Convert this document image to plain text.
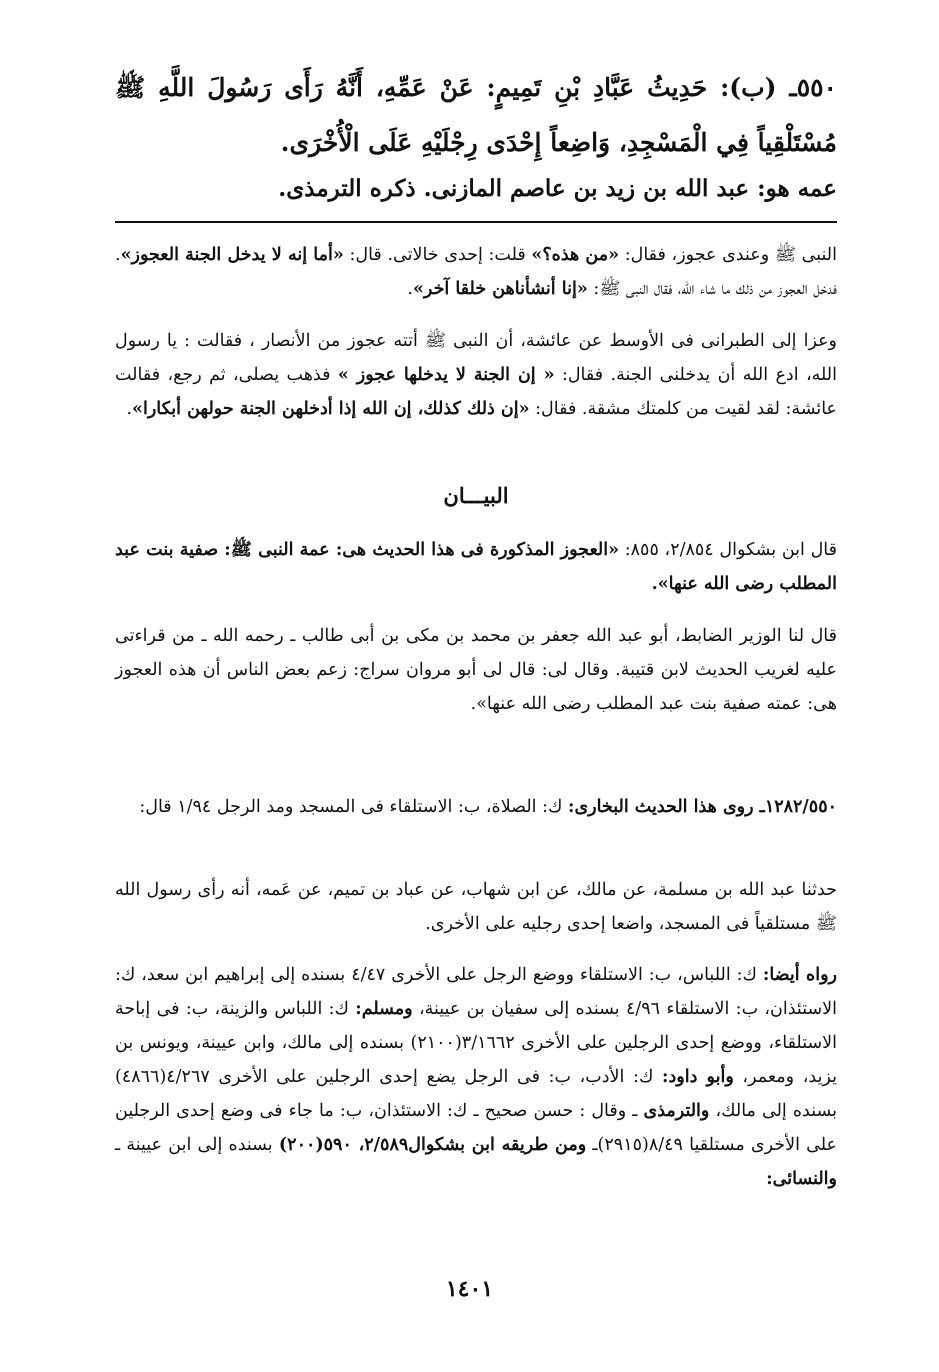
٥٥٠ـ (ب): حَدِيثُ عَبَّادِ بْنِ تَمِيمٍ: عَنْ عَمِّهِ، أَنَّهُ رَأَى رَسُولَ اللَّهِ ﷺ مُسْتَلْقِياً فِي الْمَسْجِدِ، وَاضِعاً إِحْدَى رِجْلَيْهِ عَلَى الْأُخْرَى.
عمه هو: عبد الله بن زيد بن عاصم المازنى. ذكره الترمذى.
النبى ﷺ وعندى عجوز، فقال: «من هذه؟» قلت: إحدى خالاتى. قال: «أما إنه لا يدخل الجنة العجوز». فدخل العجوز من ذلك ما شاء الله، فقال النبى ﷺ: «إنا أنشأناهن خلقا آخر».
وعزا إلى الطبرانى فى الأوسط عن عائشة، أن النبى ﷺ أتته عجوز من الأنصار ، فقالت : يا رسول الله، ادع الله أن يدخلنى الجنة. فقال: « إن الجنة لا يدخلها عجوز » فذهب يصلى، ثم رجع، فقالت عائشة: لقد لقيت من كلمتك مشقة. فقال: «إن ذلك كذلك، إن الله إذا أدخلهن الجنة حولهن أبكارا».
البيـــان
قال ابن بشكوال ٢/٨٥٤، ٨٥٥: «العجوز المذكورة فى هذا الحديث هى: عمة النبى ﷺ: صفية بنت عبد المطلب رضى الله عنها».
قال لنا الوزير الضابط، أبو عبد الله جعفر بن محمد بن مكى بن أبى طالب ـ رحمه الله ـ من قراءتى عليه لغريب الحديث لابن قتيبة. وقال لى: قال لى أبو مروان سراج: زعم بعض الناس أن هذه العجوز هى: عمته صفية بنت عبد المطلب رضى الله عنها».
١٢٨٢/٥٥٠ـ روى هذا الحديث البخارى: ك: الصلاة، ب: الاستلقاء فى المسجد ومد الرجل ١/٩٤ قال:
حدثنا عبد الله بن مسلمة، عن مالك، عن ابن شهاب، عن عباد بن تميم، عن عَمه، أنه رأى رسول الله ﷺ مستلقياً فى المسجد، واضعا إحدى رجليه على الأخرى.
رواه أيضا: ك: اللباس، ب: الاستلقاء ووضع الرجل على الأخرى ٤/٤٧ بسنده إلى إبراهيم ابن سعد، ك: الاستئذان، ب: الاستلقاء ٤/٩٦ بسنده إلى سفيان بن عيينة، ومسلم: ك: اللباس والزينة، ب: فى إباحة الاستلقاء، ووضع إحدى الرجلين على الأخرى ٣/١٦٦٢(٢١٠٠) بسنده إلى مالك، وابن عيينة، ويونس بن يزيد، ومعمر، وأبو داود: ك: الأدب، ب: فى الرجل يضع إحدى الرجلين على الأخرى ٤/٢٦٧(٤٨٦٦) بسنده إلى مالك، والترمذى ـ وقال : حسن صحيح ـ ك: الاستئذان، ب: ما جاء فى وضع إحدى الرجلين على الأخرى مستلقيا ٨/٤٩(٢٩١٥)ـ ومن طريقه ابن بشكوال٢/٥٨٩، ٥٩٠(٢٠٠) بسنده إلى ابن عيينة ـ والنسائى:
١٤٠١
